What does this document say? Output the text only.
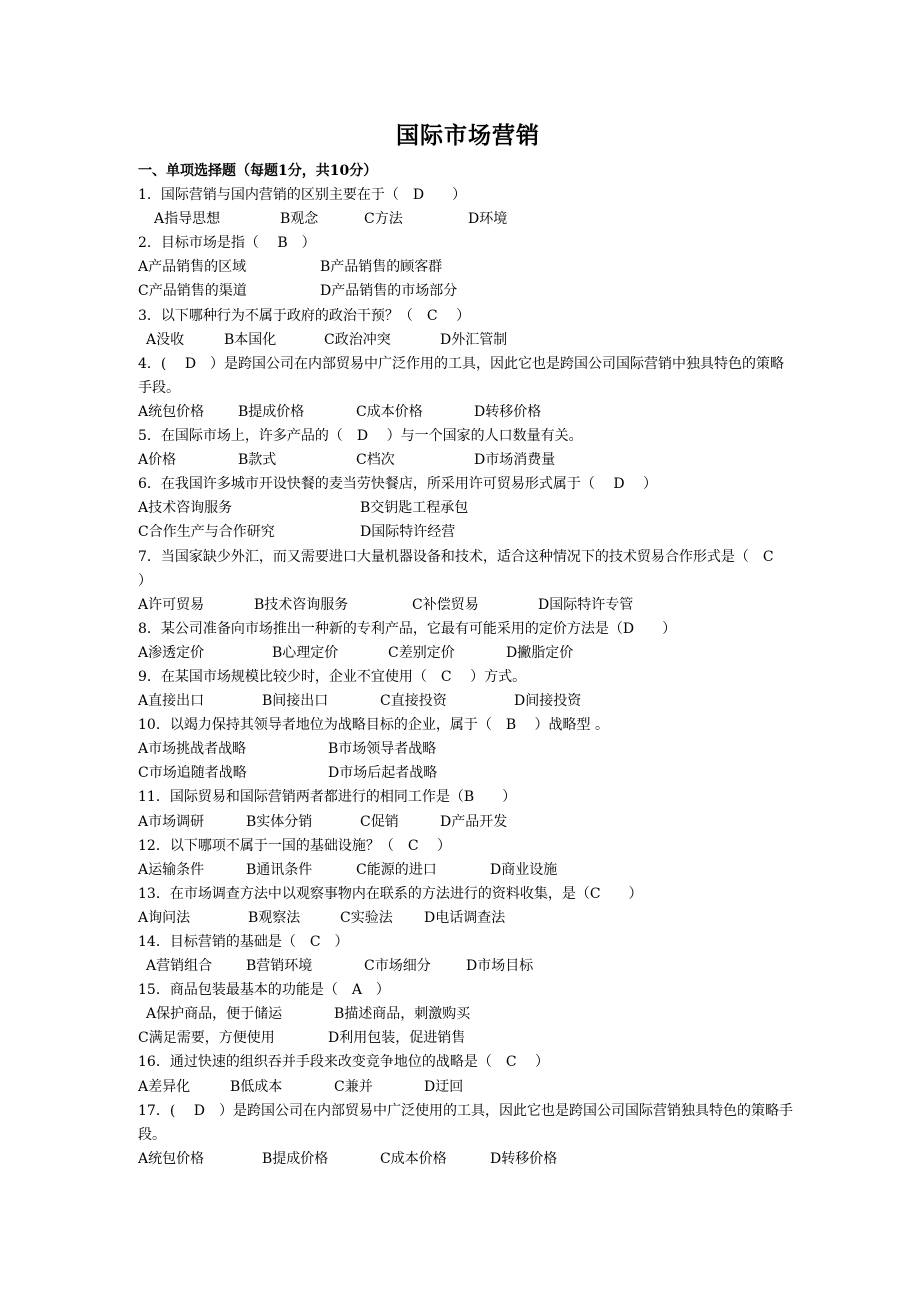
国际市场营销
一、单项选择题（每题1分，共10分）
1．国际营销与国内营销的区别主要在于（　D　　）
A指导思想	B观念	C方法	D环境
2．目标市场是指（　 B　）
A产品销售的区域	B产品销售的顾客群
C产品销售的渠道	D产品销售的市场部分
3．以下哪种行为不属于政府的政治干预？（　C　 ）
A没收	B本国化	C政治冲突	D外汇管制
4．(　 D　）是跨国公司在内部贸易中广泛作用的工具，因此它也是跨国公司国际营销中独具特色的策略手段。
A统包价格 B提成价格	C成本价格	D转移价格
5．在国际市场上，许多产品的（　D　 ）与一个国家的人口数量有关。
A价格	B款式	C档次	D市场消费量
6．在我国许多城市开设快餐的麦当劳快餐店，所采用许可贸易形式属于（　 D　 ）
A技术咨询服务	B交钥匙工程承包
C合作生产与合作研究	D国际特许经营
7．当国家缺少外汇，而又需要进口大量机器设备和技术，适合这种情况下的技术贸易合作形式是（　C　 ）
A许可贸易	B技术咨询服务	C补偿贸易	D国际特许专管
8．某公司准备向市场推出一种新的专利产品，它最有可能采用的定价方法是（D　　）
A渗透定价	B心理定价	C差别定价	D撇脂定价
9．在某国市场规模比较少时，企业不宜使用（　C　 ）方式。
A直接出口	B间接出口	C直接投资	D间接投资
10．以竭力保持其领导者地位为战略目标的企业，属于（　B　 ）战略型 。
A市场挑战者战略	B市场领导者战略
C市场追随者战略	D市场后起者战略
11．国际贸易和国际营销两者都进行的相同工作是（B　　）
A市场调研	B实体分销	C促销	D产品开发
12．以下哪项不属于一国的基础设施？（　C　 ）
A运输条件	B通讯条件	C能源的进口	D商业设施
13．在市场调查方法中以观察事物内在联系的方法进行的资料收集，是（C　　）
A询问法	B观察法	C实验法 D电话调查法
14．目标营销的基础是（　C　）
A营销组合 B营销环境	C市场细分	D市场目标
15．商品包装最基本的功能是（　A　）
A保护商品，便于储运	B描述商品，刺激购买
C满足需要，方便使用	D利用包装，促进销售
16．通过快速的组织吞并手段来改变竞争地位的战略是（　C　 ）
A差异化	B低成本	C兼并	D迂回
17．(　 D　）是跨国公司在内部贸易中广泛使用的工具，因此它也是跨国公司国际营销独具特色的策略手段。
A统包价格	B提成价格	C成本价格	D转移价格
